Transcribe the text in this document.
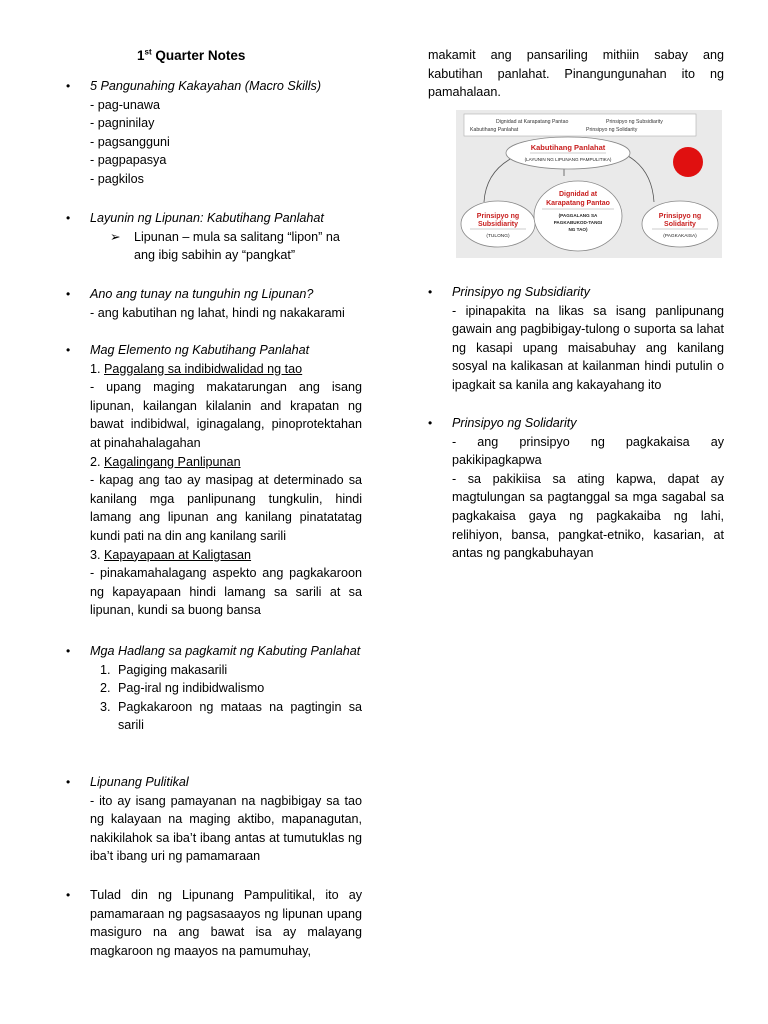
1st Quarter Notes
•	5 Pangunahing Kakayahan (Macro Skills)
- pag-unawa
- pagninilay
- pagsangguni
- pagpapasya
- pagkilos
•	Layunin ng Lipunan: Kabutihang Panlahat
➢	Lipunan – mula sa salitang “lipon” na ang ibig sabihin ay “pangkat”
•	Ano ang tunay na tunguhin ng Lipunan?
- ang kabutihan ng lahat, hindi ng nakakarami
•	Mag Elemento ng Kabutihang Panlahat
1. Paggalang sa indibidwalidad ng tao
- upang maging makatarungan ang isang lipunan, kailangan kilalanin and krapatan ng bawat indibidwal, iginagalang, pinoprotektahan at pinahahalagahan
2. Kagalingang Panlipunan
- kapag ang tao ay masipag at determinado sa kanilang mga panlipunang tungkulin, hindi lamang ang lipunan ang kanilang pinatatatag kundi pati na din ang kanilang sarili
3. Kapayapaan at Kaligtasan
- pinakamahalagang aspekto ang pagkakaroon ng kapayapaan hindi lamang sa sarili at sa lipunan, kundi sa buong bansa
•	Mga Hadlang sa pagkamit ng Kabuting Panlahat
1. Pagiging makasarili
2. Pag-iral ng indibidwalismo
3. Pagkakaroon ng mataas na pagtingin sa sarili
•	Lipunang Pulitikal
- ito ay isang pamayanan na nagbibigay sa tao ng kalayaan na maging aktibo, mapanagutan, nakikilahok sa iba’t ibang antas at tumutuklas ng iba’t ibang uri ng pamamaraan
•	Tulad din ng Lipunang Pampulitikal, ito ay pamamaraan ng pagsasaayos ng lipunan upang masiguro na ang bawat isa ay malayang magkaroon ng maayos na pamumuhay,
makamit ang pansariling mithiin sabay ang kabutihan panlahat. Pinangungunahan ito ng pamahalaan.
•	Prinsipyo ng Subsidiarity
- ipinapakita na likas sa isang panlipunang gawain ang pagbibigay-tulong o suporta sa lahat ng kasapi upang maisabuhay ang kanilang sosyal na kalikasan at kailanman hindi putulin o ipagkait sa kanila ang kakayahang ito
•	Prinsipyo ng Solidarity
- ang prinsipyo ng pagkakaisa ay pakikipagkapwa
- sa pakikiisa sa ating kapwa, dapat ay magtulungan sa pagtanggal sa mga sagabal sa pagkakaisa gaya ng pagkakaiba ng lahi, relihiyon, bansa, pangkat-etniko, kasarian, at antas ng pangkabuhayan
Dignidad at Karapatang Pantao
Kabutihang Panlahat
Prinsipyo ng Subsidiarity
Prinsipyo ng Solidarity
Kabutihang Panlahat
(LAYUNIN NG LIPUNANG PAMPULITIKA)
Prinsipyo ng
Subsidiarity
(TULONG)
Dignidad at
Karapatang Pantao
(PAGGALANG SA
PAGKABUKOD-TANGI
NG TAO)
Prinsipyo ng
Solidarity
(PAGKAKAISA)
